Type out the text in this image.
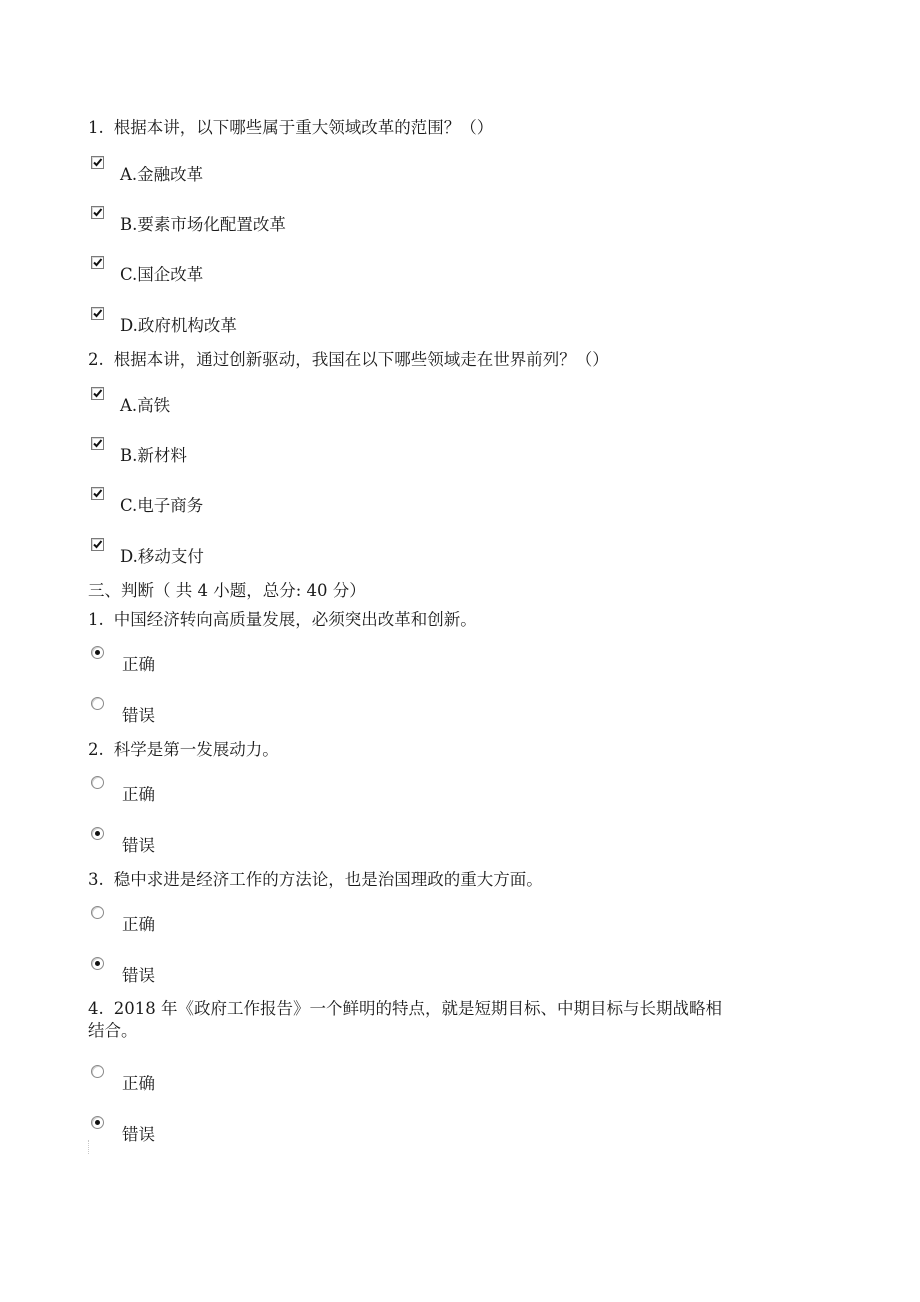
1. 根据本讲，以下哪些属于重大领域改革的范围？（）
A.金融改革
B.要素市场化配置改革
C.国企改革
D.政府机构改革
2. 根据本讲，通过创新驱动，我国在以下哪些领域走在世界前列？（）
A.高铁
B.新材料
C.电子商务
D.移动支付
三、判断（ 共 4 小题，总分: 40 分）
1. 中国经济转向高质量发展，必须突出改革和创新。
正确
错误
2. 科学是第一发展动力。
正确
错误
3. 稳中求进是经济工作的方法论，也是治国理政的重大方面。
正确
错误
4. 2018 年《政府工作报告》一个鲜明的特点，就是短期目标、中期目标与长期战略相结合。
正确
错误
